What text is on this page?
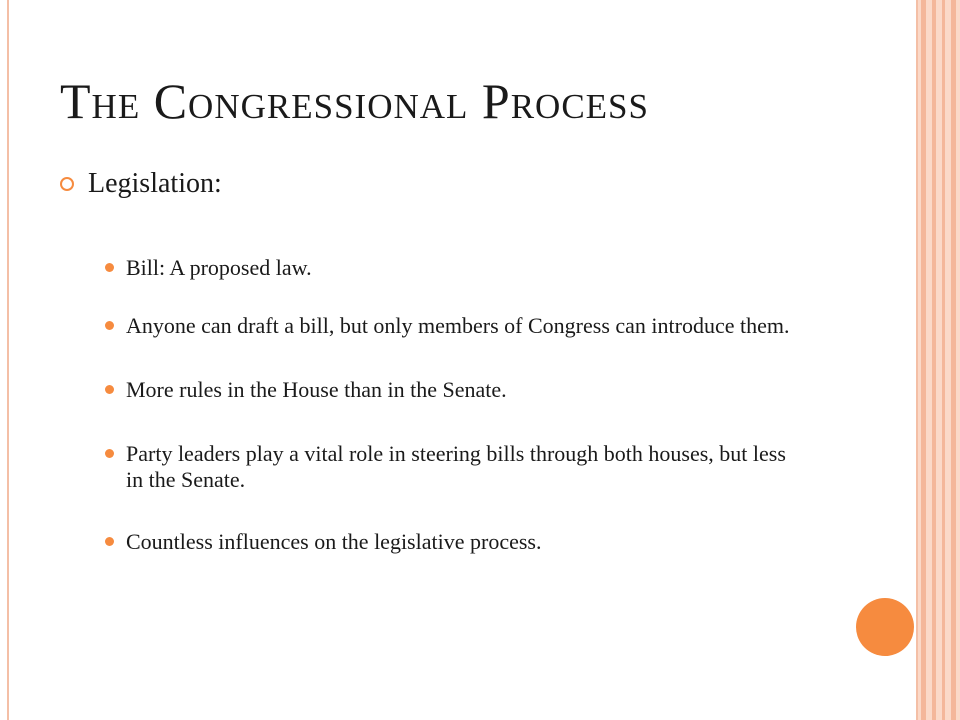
The Congressional Process
Legislation:
Bill: A proposed law.
Anyone can draft a bill, but only members of Congress can introduce them.
More rules in the House than in the Senate.
Party leaders play a vital role in steering bills through both houses, but less in the Senate.
Countless influences on the legislative process.
